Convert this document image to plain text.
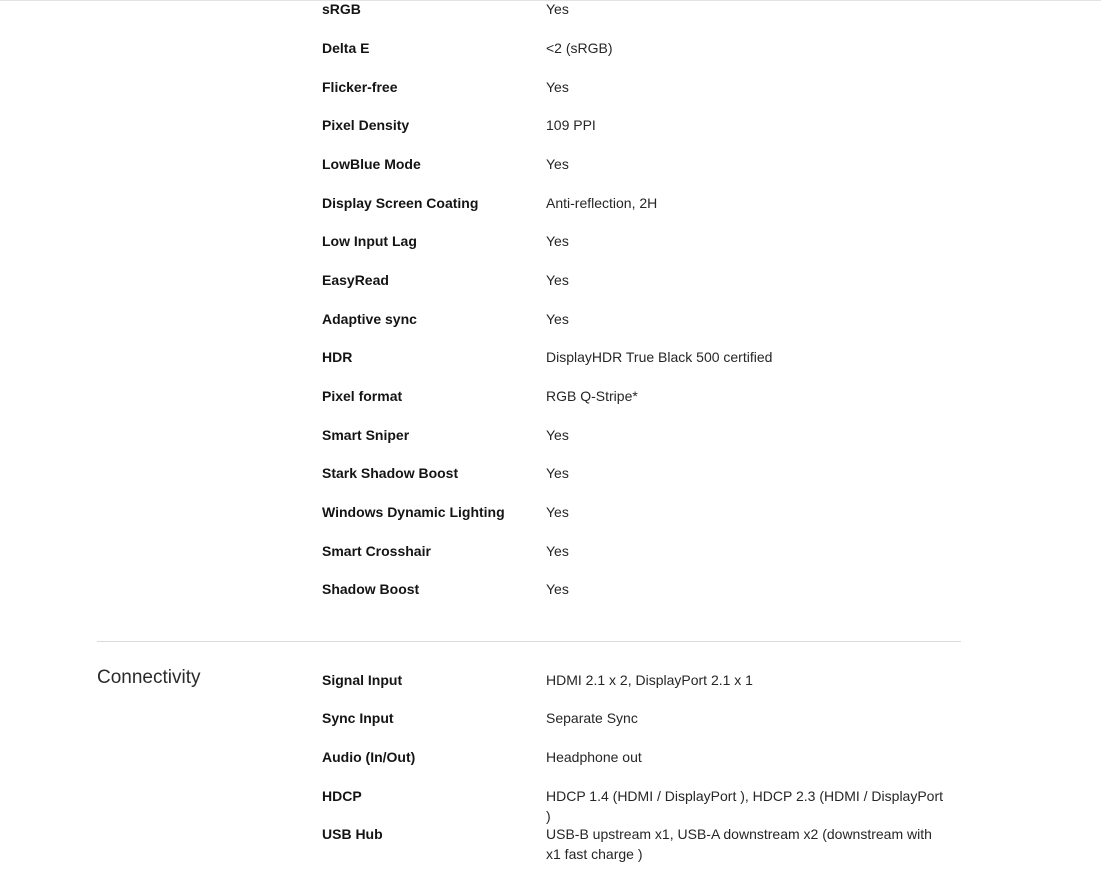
sRGB	Yes
Delta E	<2 (sRGB)
Flicker-free	Yes
Pixel Density	109 PPI
LowBlue Mode	Yes
Display Screen Coating	Anti-reflection, 2H
Low Input Lag	Yes
EasyRead	Yes
Adaptive sync	Yes
HDR	DisplayHDR True Black 500 certified
Pixel format	RGB Q-Stripe*
Smart Sniper	Yes
Stark Shadow Boost	Yes
Windows Dynamic Lighting	Yes
Smart Crosshair	Yes
Shadow Boost	Yes
Connectivity	Signal Input	HDMI 2.1 x 2, DisplayPort 2.1 x 1
Sync Input	Separate Sync
Audio (In/Out)	Headphone out
HDCP	HDCP 1.4 (HDMI / DisplayPort ), HDCP 2.3 (HDMI / DisplayPort )
USB Hub	USB-B upstream x1, USB-A downstream x2 (downstream with x1 fast charge )
